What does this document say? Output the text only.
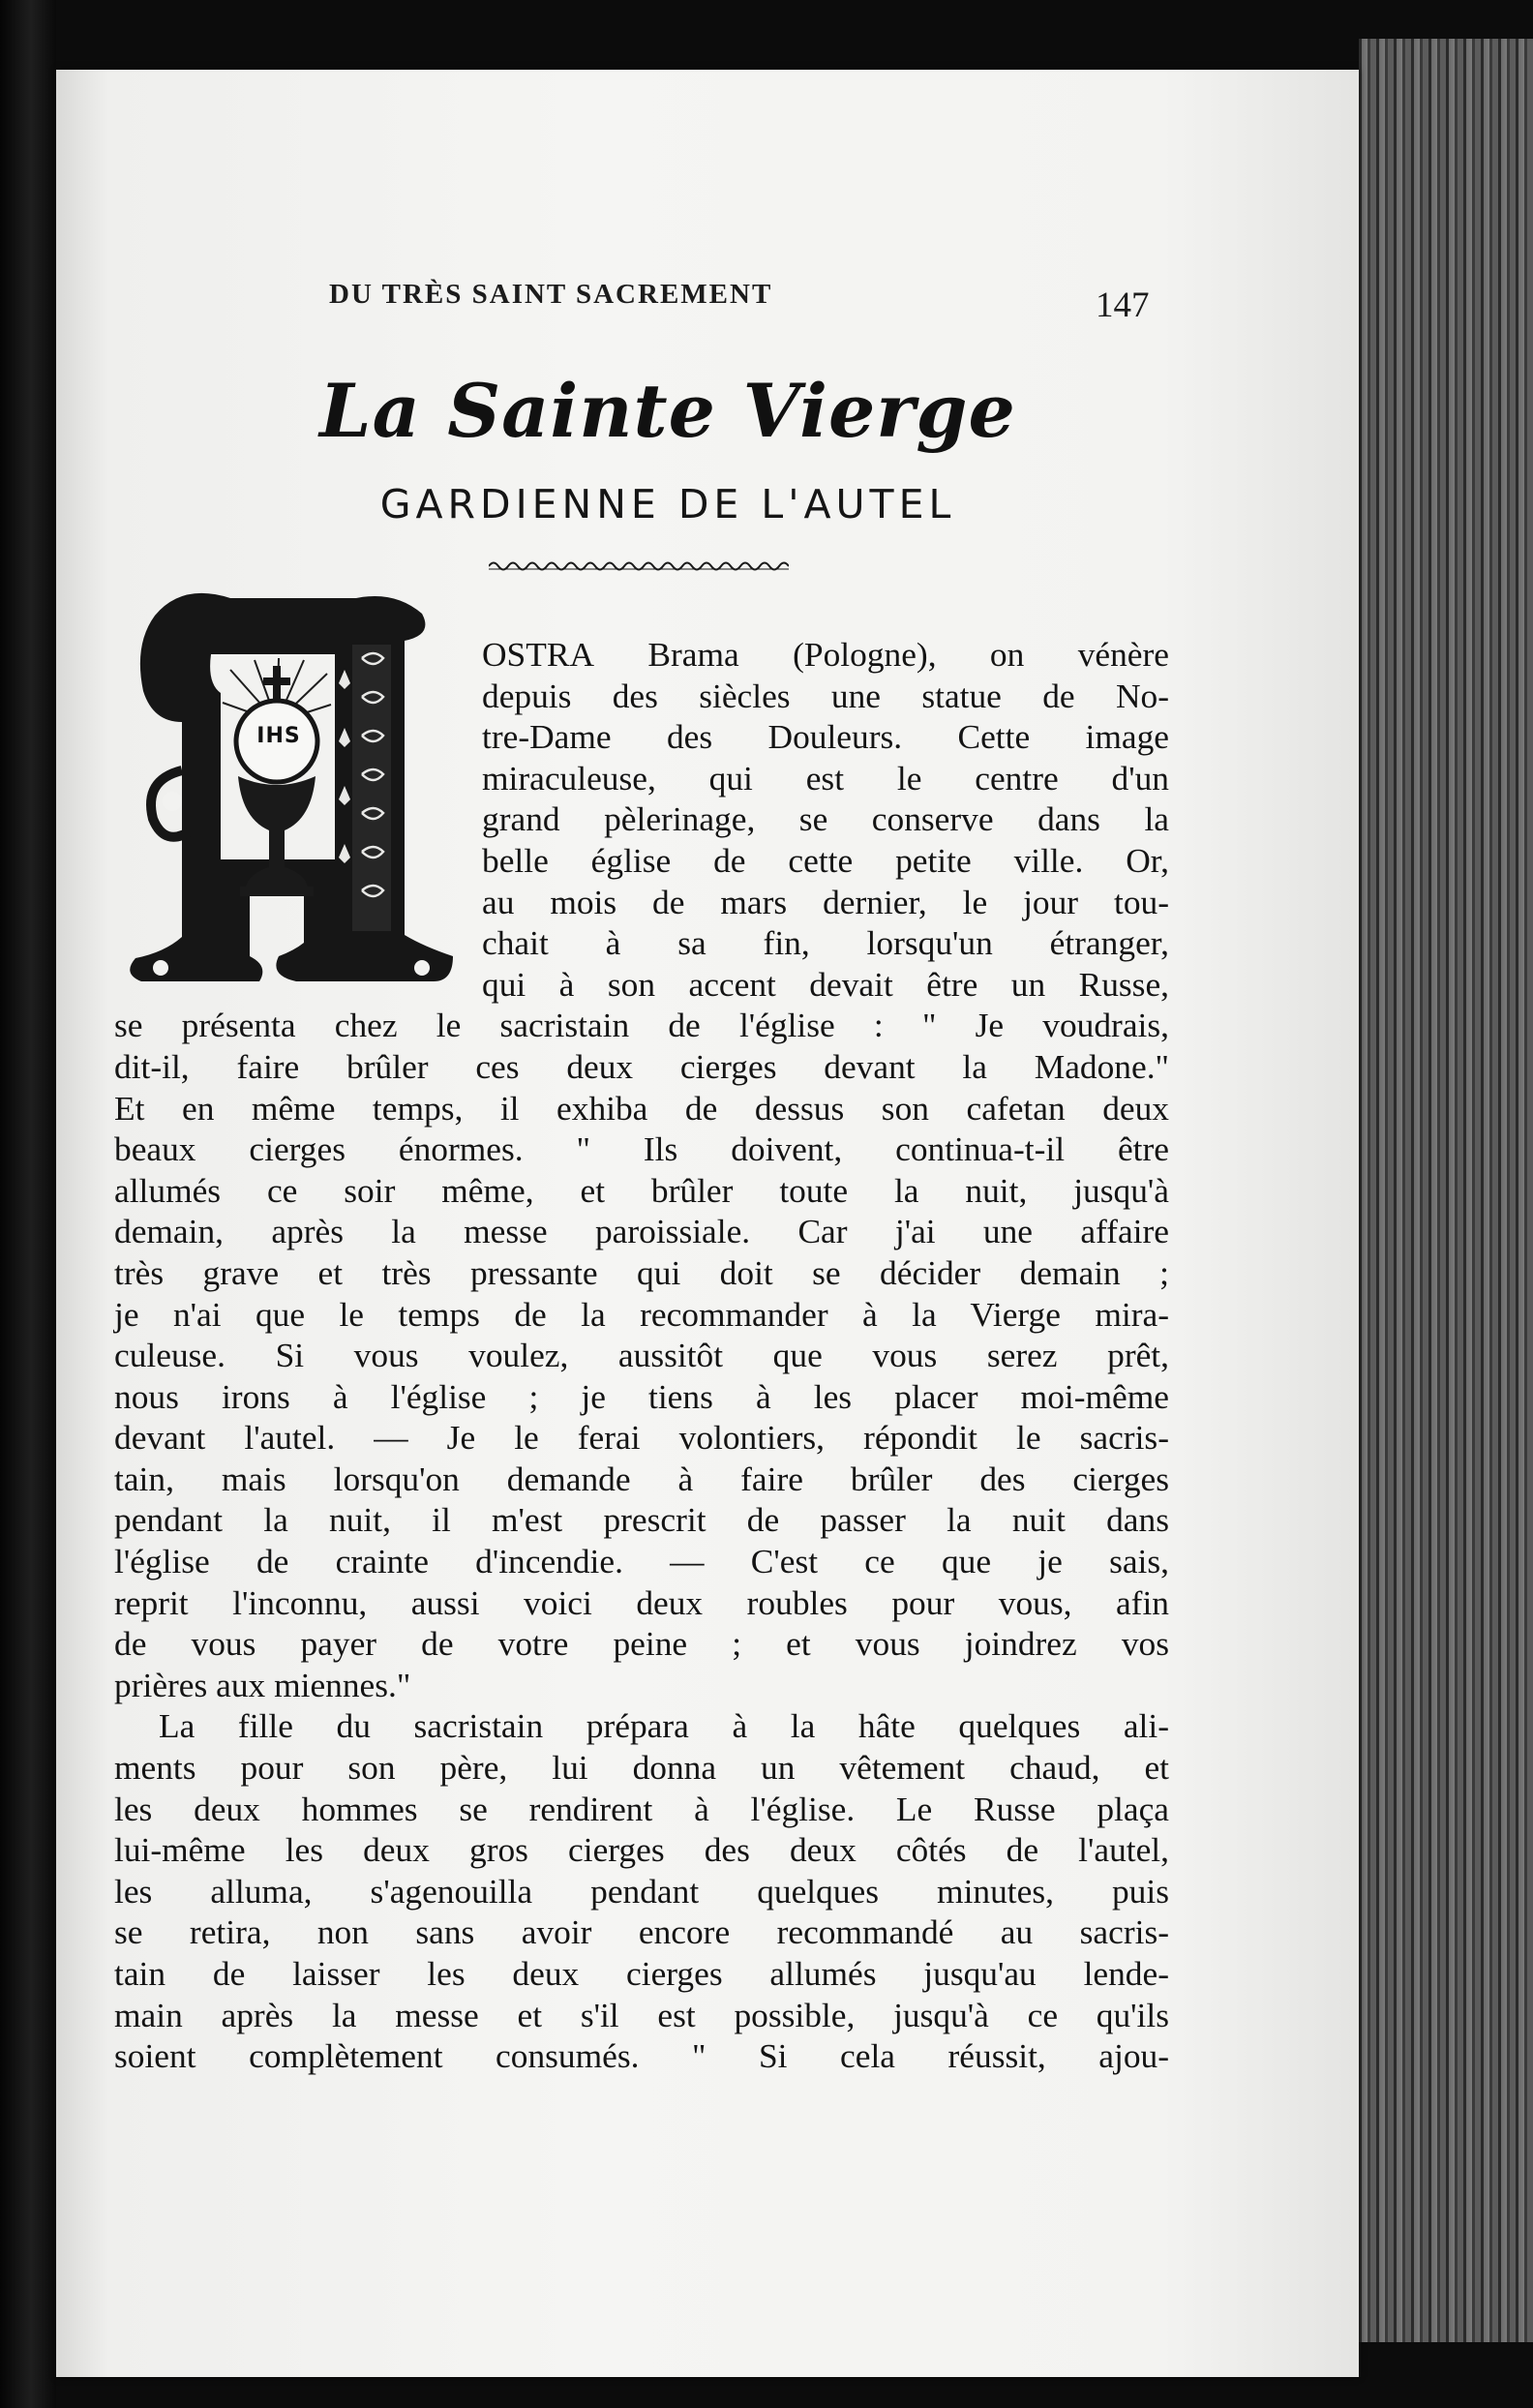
DU TRÈS SAINT SACREMENT	147
La Sainte Vierge
GARDIENNE DE L'AUTEL
IHS
OSTRA Brama (Pologne), on vénère
depuis des siècles une statue de No-
tre-Dame des Douleurs. Cette image
miraculeuse, qui est le centre d'un
grand pèlerinage, se conserve dans la
belle église de cette petite ville. Or,
au mois de mars dernier, le jour tou-
chait à sa fin, lorsqu'un étranger,
qui à son accent devait être un Russe,
se présenta chez le sacristain de l'église : " Je voudrais,
dit-il, faire brûler ces deux cierges devant la Madone."
Et en même temps, il exhiba de dessus son cafetan deux
beaux cierges énormes. " Ils doivent, continua-t-il être
allumés ce soir même, et brûler toute la nuit, jusqu'à
demain, après la messe paroissiale. Car j'ai une affaire
très grave et très pressante qui doit se décider demain ;
je n'ai que le temps de la recommander à la Vierge mira-
culeuse. Si vous voulez, aussitôt que vous serez prêt,
nous irons à l'église ; je tiens à les placer moi-même
devant l'autel. — Je le ferai volontiers, répondit le sacris-
tain, mais lorsqu'on demande à faire brûler des cierges
pendant la nuit, il m'est prescrit de passer la nuit dans
l'église de crainte d'incendie. — C'est ce que je sais,
reprit l'inconnu, aussi voici deux roubles pour vous, afin
de vous payer de votre peine ; et vous joindrez vos
prières aux miennes."
La fille du sacristain prépara à la hâte quelques ali-
ments pour son père, lui donna un vêtement chaud, et
les deux hommes se rendirent à l'église. Le Russe plaça
lui-même les deux gros cierges des deux côtés de l'autel,
les alluma, s'agenouilla pendant quelques minutes, puis
se retira, non sans avoir encore recommandé au sacris-
tain de laisser les deux cierges allumés jusqu'au lende-
main après la messe et s'il est possible, jusqu'à ce qu'ils
soient complètement consumés. " Si cela réussit, ajou-
